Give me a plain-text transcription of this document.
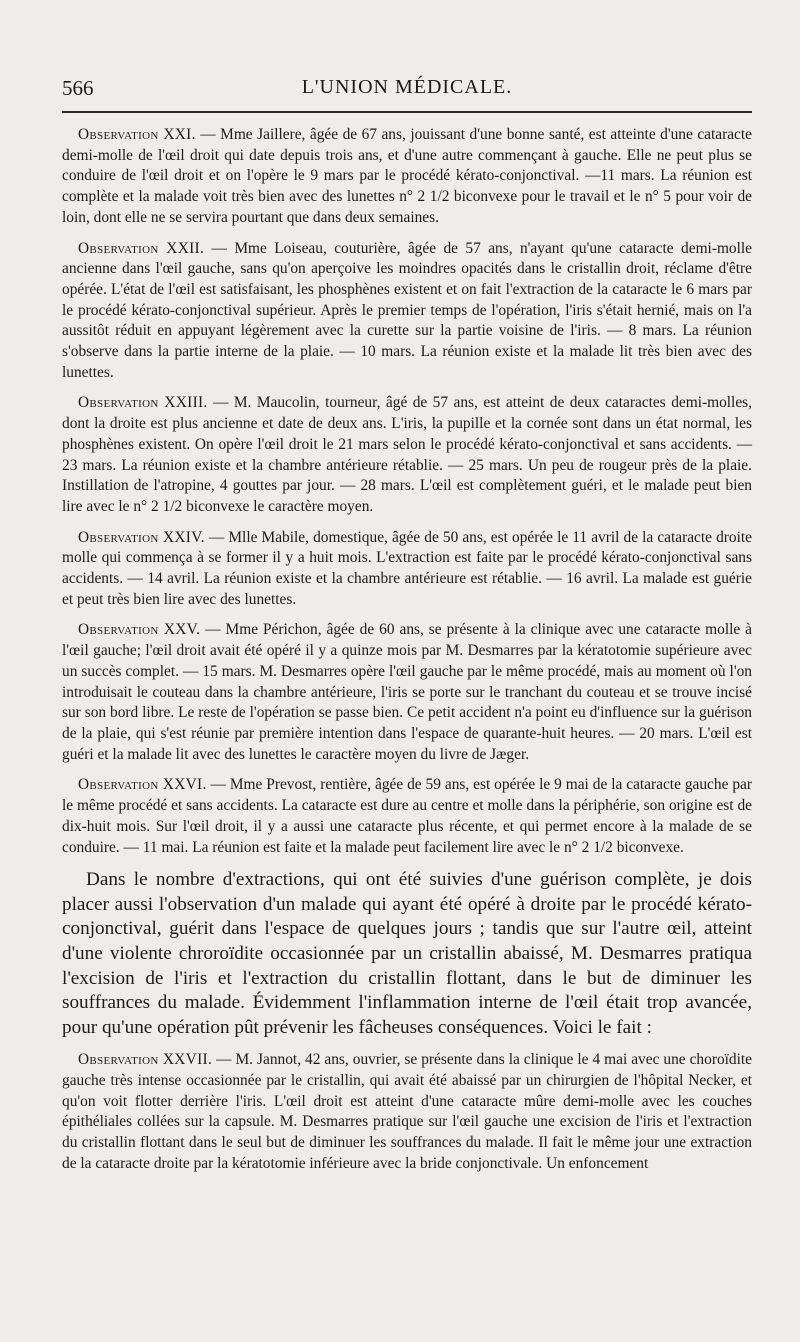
566	L'UNION MÉDICALE.

Observation XXI. — Mme Jaillere, âgée de 67 ans, jouissant d'une bonne santé, est atteinte d'une cataracte demi-molle de l'œil droit qui date depuis trois ans, et d'une autre commençant à gauche. Elle ne peut plus se conduire de l'œil droit et on l'opère le 9 mars par le procédé kérato-conjonctival. —11 mars. La réunion est complète et la malade voit très bien avec des lunettes n° 2 1/2 biconvexe pour le travail et le n° 5 pour voir de loin, dont elle ne se servira pourtant que dans deux semaines.

Observation XXII. — Mme Loiseau, couturière, âgée de 57 ans, n'ayant qu'une cataracte demi-molle ancienne dans l'œil gauche, sans qu'on aperçoive les moindres opacités dans le cristallin droit, réclame d'être opérée. L'état de l'œil est satisfaisant, les phosphènes existent et on fait l'extraction de la cataracte le 6 mars par le procédé kérato-conjonctival supérieur. Après le premier temps de l'opération, l'iris s'était hernié, mais on l'a aussitôt réduit en appuyant légèrement avec la curette sur la partie voisine de l'iris. — 8 mars. La réunion s'observe dans la partie interne de la plaie. — 10 mars. La réunion existe et la malade lit très bien avec des lunettes.

Observation XXIII. — M. Maucolin, tourneur, âgé de 57 ans, est atteint de deux cataractes demi-molles, dont la droite est plus ancienne et date de deux ans. L'iris, la pupille et la cornée sont dans un état normal, les phosphènes existent. On opère l'œil droit le 21 mars selon le procédé kérato-conjonctival et sans accidents. — 23 mars. La réunion existe et la chambre antérieure rétablie. — 25 mars. Un peu de rougeur près de la plaie. Instillation de l'atropine, 4 gouttes par jour. — 28 mars. L'œil est complètement guéri, et le malade peut bien lire avec le n° 2 1/2 biconvexe le caractère moyen.

Observation XXIV. — Mlle Mabile, domestique, âgée de 50 ans, est opérée le 11 avril de la cataracte droite molle qui commença à se former il y a huit mois. L'extraction est faite par le procédé kérato-conjonctival sans accidents. — 14 avril. La réunion existe et la chambre antérieure est rétablie. — 16 avril. La malade est guérie et peut très bien lire avec des lunettes.

Observation XXV. — Mme Périchon, âgée de 60 ans, se présente à la clinique avec une cataracte molle à l'œil gauche; l'œil droit avait été opéré il y a quinze mois par M. Desmarres par la kératotomie supérieure avec un succès complet. — 15 mars. M. Desmarres opère l'œil gauche par le même procédé, mais au moment où l'on introduisait le couteau dans la chambre antérieure, l'iris se porte sur le tranchant du couteau et se trouve incisé sur son bord libre. Le reste de l'opération se passe bien. Ce petit accident n'a point eu d'influence sur la guérison de la plaie, qui s'est réunie par première intention dans l'espace de quarante-huit heures. — 20 mars. L'œil est guéri et la malade lit avec des lunettes le caractère moyen du livre de Jæger.

Observation XXVI. — Mme Prevost, rentière, âgée de 59 ans, est opérée le 9 mai de la cataracte gauche par le même procédé et sans accidents. La cataracte est dure au centre et molle dans la périphérie, son origine est de dix-huit mois. Sur l'œil droit, il y a aussi une cataracte plus récente, et qui permet encore à la malade de se conduire. — 11 mai. La réunion est faite et la malade peut facilement lire avec le n° 2 1/2 biconvexe.

Dans le nombre d'extractions, qui ont été suivies d'une guérison complète, je dois placer aussi l'observation d'un malade qui ayant été opéré à droite par le procédé kérato-conjonctival, guérit dans l'espace de quelques jours ; tandis que sur l'autre œil, atteint d'une violente chroroïdite occasionnée par un cristallin abaissé, M. Desmarres pratiqua l'excision de l'iris et l'extraction du cristallin flottant, dans le but de diminuer les souffrances du malade. Évidemment l'inflammation interne de l'œil était trop avancée, pour qu'une opération pût prévenir les fâcheuses conséquences. Voici le fait :

Observation XXVII. — M. Jannot, 42 ans, ouvrier, se présente dans la clinique le 4 mai avec une choroïdite gauche très intense occasionnée par le cristallin, qui avait été abaissé par un chirurgien de l'hôpital Necker, et qu'on voit flotter derrière l'iris. L'œil droit est atteint d'une cataracte mûre demi-molle avec les couches épithéliales collées sur la capsule. M. Desmarres pratique sur l'œil gauche une excision de l'iris et l'extraction du cristallin flottant dans le seul but de diminuer les souffrances du malade. Il fait le même jour une extraction de la cataracte droite par la kératotomie inférieure avec la bride conjonctivale. Un enfoncement
